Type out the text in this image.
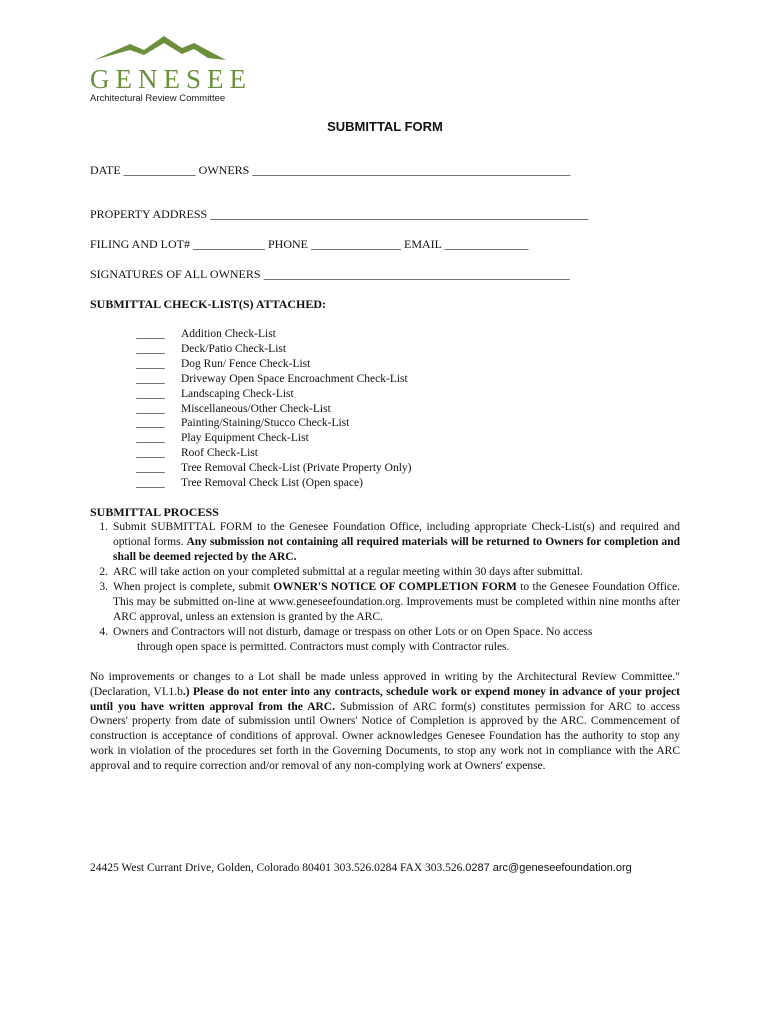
GENESEE
Architectural Review Committee
SUBMITTAL FORM
DATE ____________ OWNERS _____________________________________________________
PROPERTY ADDRESS _______________________________________________________________
FILING AND LOT# ____________ PHONE _______________ EMAIL ______________
SIGNATURES OF ALL OWNERS ___________________________________________________
SUBMITTAL CHECK-LIST(S) ATTACHED:
_____	Addition Check-List
_____	Deck/Patio Check-List
_____	Dog Run/ Fence Check-List
_____	Driveway Open Space Encroachment Check-List
_____	Landscaping Check-List
_____	Miscellaneous/Other Check-List
_____	Painting/Staining/Stucco Check-List
_____	Play Equipment Check-List
_____	Roof Check-List
_____	Tree Removal Check-List (Private Property Only)
_____	Tree Removal Check List (Open space)
SUBMITTAL PROCESS
1. Submit SUBMITTAL FORM to the Genesee Foundation Office, including appropriate Check-List(s) and required and optional forms. Any submission not containing all required materials will be returned to Owners for completion and shall be deemed rejected by the ARC.
2. ARC will take action on your completed submittal at a regular meeting within 30 days after submittal.
3. When project is complete, submit OWNER'S NOTICE OF COMPLETION FORM to the Genesee Foundation Office. This may be submitted on-line at www.geneseefoundation.org. Improvements must be completed within nine months after ARC approval, unless an extension is granted by the ARC.
4. Owners and Contractors will not disturb, damage or trespass on other Lots or on Open Space. No access
through open space is permitted. Contractors must comply with Contractor rules.
No improvements or changes to a Lot shall be made unless approved in writing by the Architectural Review Committee." (Declaration, VI.1.b.) Please do not enter into any contracts, schedule work or expend money in advance of your project until you have written approval from the ARC. Submission of ARC form(s) constitutes permission for ARC to access Owners' property from date of submission until Owners' Notice of Completion is approved by the ARC. Commencement of construction is acceptance of conditions of approval. Owner acknowledges Genesee Foundation has the authority to stop any work in violation of the procedures set forth in the Governing Documents, to stop any work not in compliance with the ARC approval and to require correction and/or removal of any non-complying work at Owners' expense.
24425 West Currant Drive, Golden, Colorado 80401 303.526.0284 FAX 303.526.0287 arc@geneseefoundation.org
